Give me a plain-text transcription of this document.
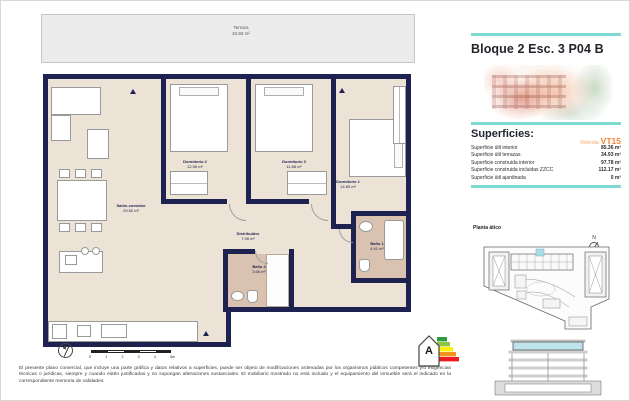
Terraza
34.93 m²
Salón-comedor
29.82 m²
Dormitorio 2
12.56 m²
Dormitorio 3
11.88 m²
Dormitorio 1
14.85 m²
Distribuidor
7.98 m²
Baño 2
3.66 m²
Baño 1
4.61 m²
ESCALA GRÁFICA
0	1	2	3	4	5m	A
Bloque 2 Esc. 3 P04 B
Superficies:
Vivienda VT15
Superficie útil interior	85.36 m²
Superficie útil terrazas	34.93 m²
Superficie construida interior	97.78 m²
Superficie construida incluidas ZZCC	112.17 m²
Superficie útil ajardinada	0 m²
Planta ático
N
El presente plano comercial, que incluye una parte gráfica y datos relativos a superficies, puede ser objeto de modificaciones ordenadas por los organismos públicos competentes y/o exigencias técnicas o jurídicas, siempre y cuando estén justificadas y no supongan alteraciones sustanciales. El mobiliario mostrado no está incluido y el equipamiento del inmueble será el indicado en la correspondiente memoria de calidades.
